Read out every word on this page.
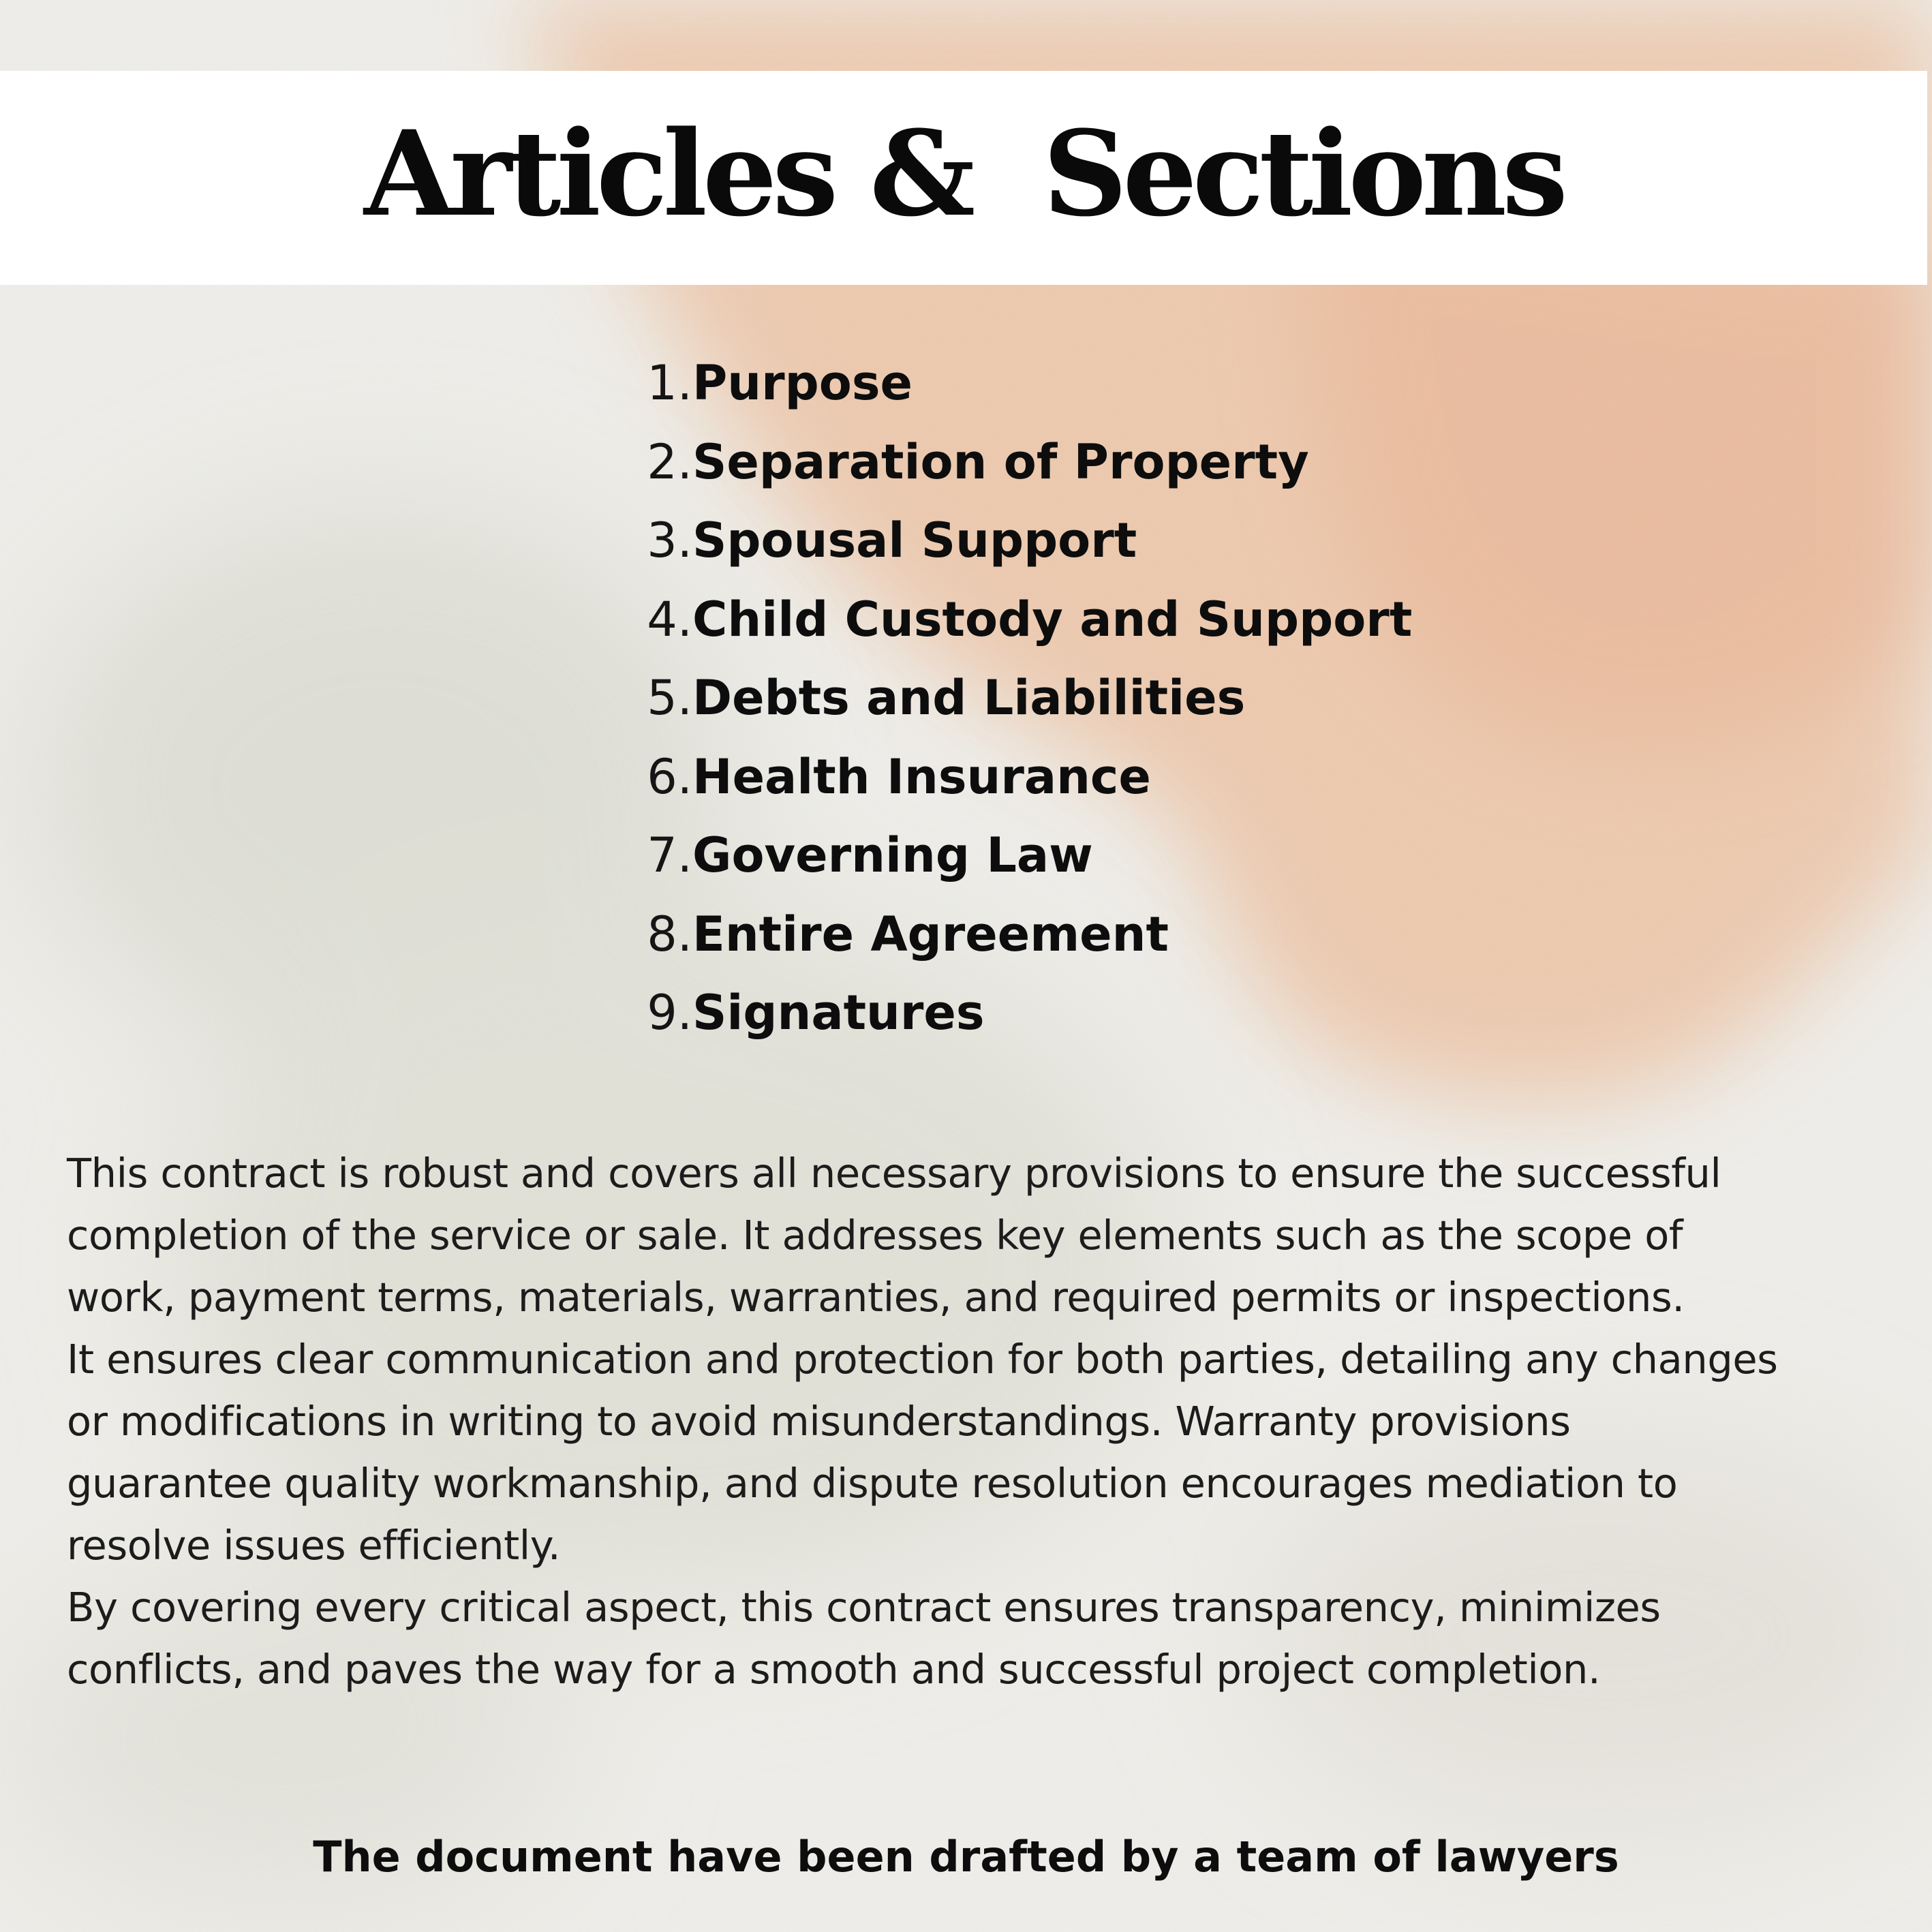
Articles &  Sections
1. Purpose
2. Separation of Property
3. Spousal Support
4. Child Custody and Support
5. Debts and Liabilities
6. Health Insurance
7. Governing Law
8. Entire Agreement
9. Signatures
This contract is robust and covers all necessary provisions to ensure the successful
completion of the service or sale. It addresses key elements such as the scope of
work, payment terms, materials, warranties, and required permits or inspections.
It ensures clear communication and protection for both parties, detailing any changes
or modifications in writing to avoid misunderstandings. Warranty provisions
guarantee quality workmanship, and dispute resolution encourages mediation to
resolve issues efficiently.
By covering every critical aspect, this contract ensures transparency, minimizes
conflicts, and paves the way for a smooth and successful project completion.

The document have been drafted by a team of lawyers
